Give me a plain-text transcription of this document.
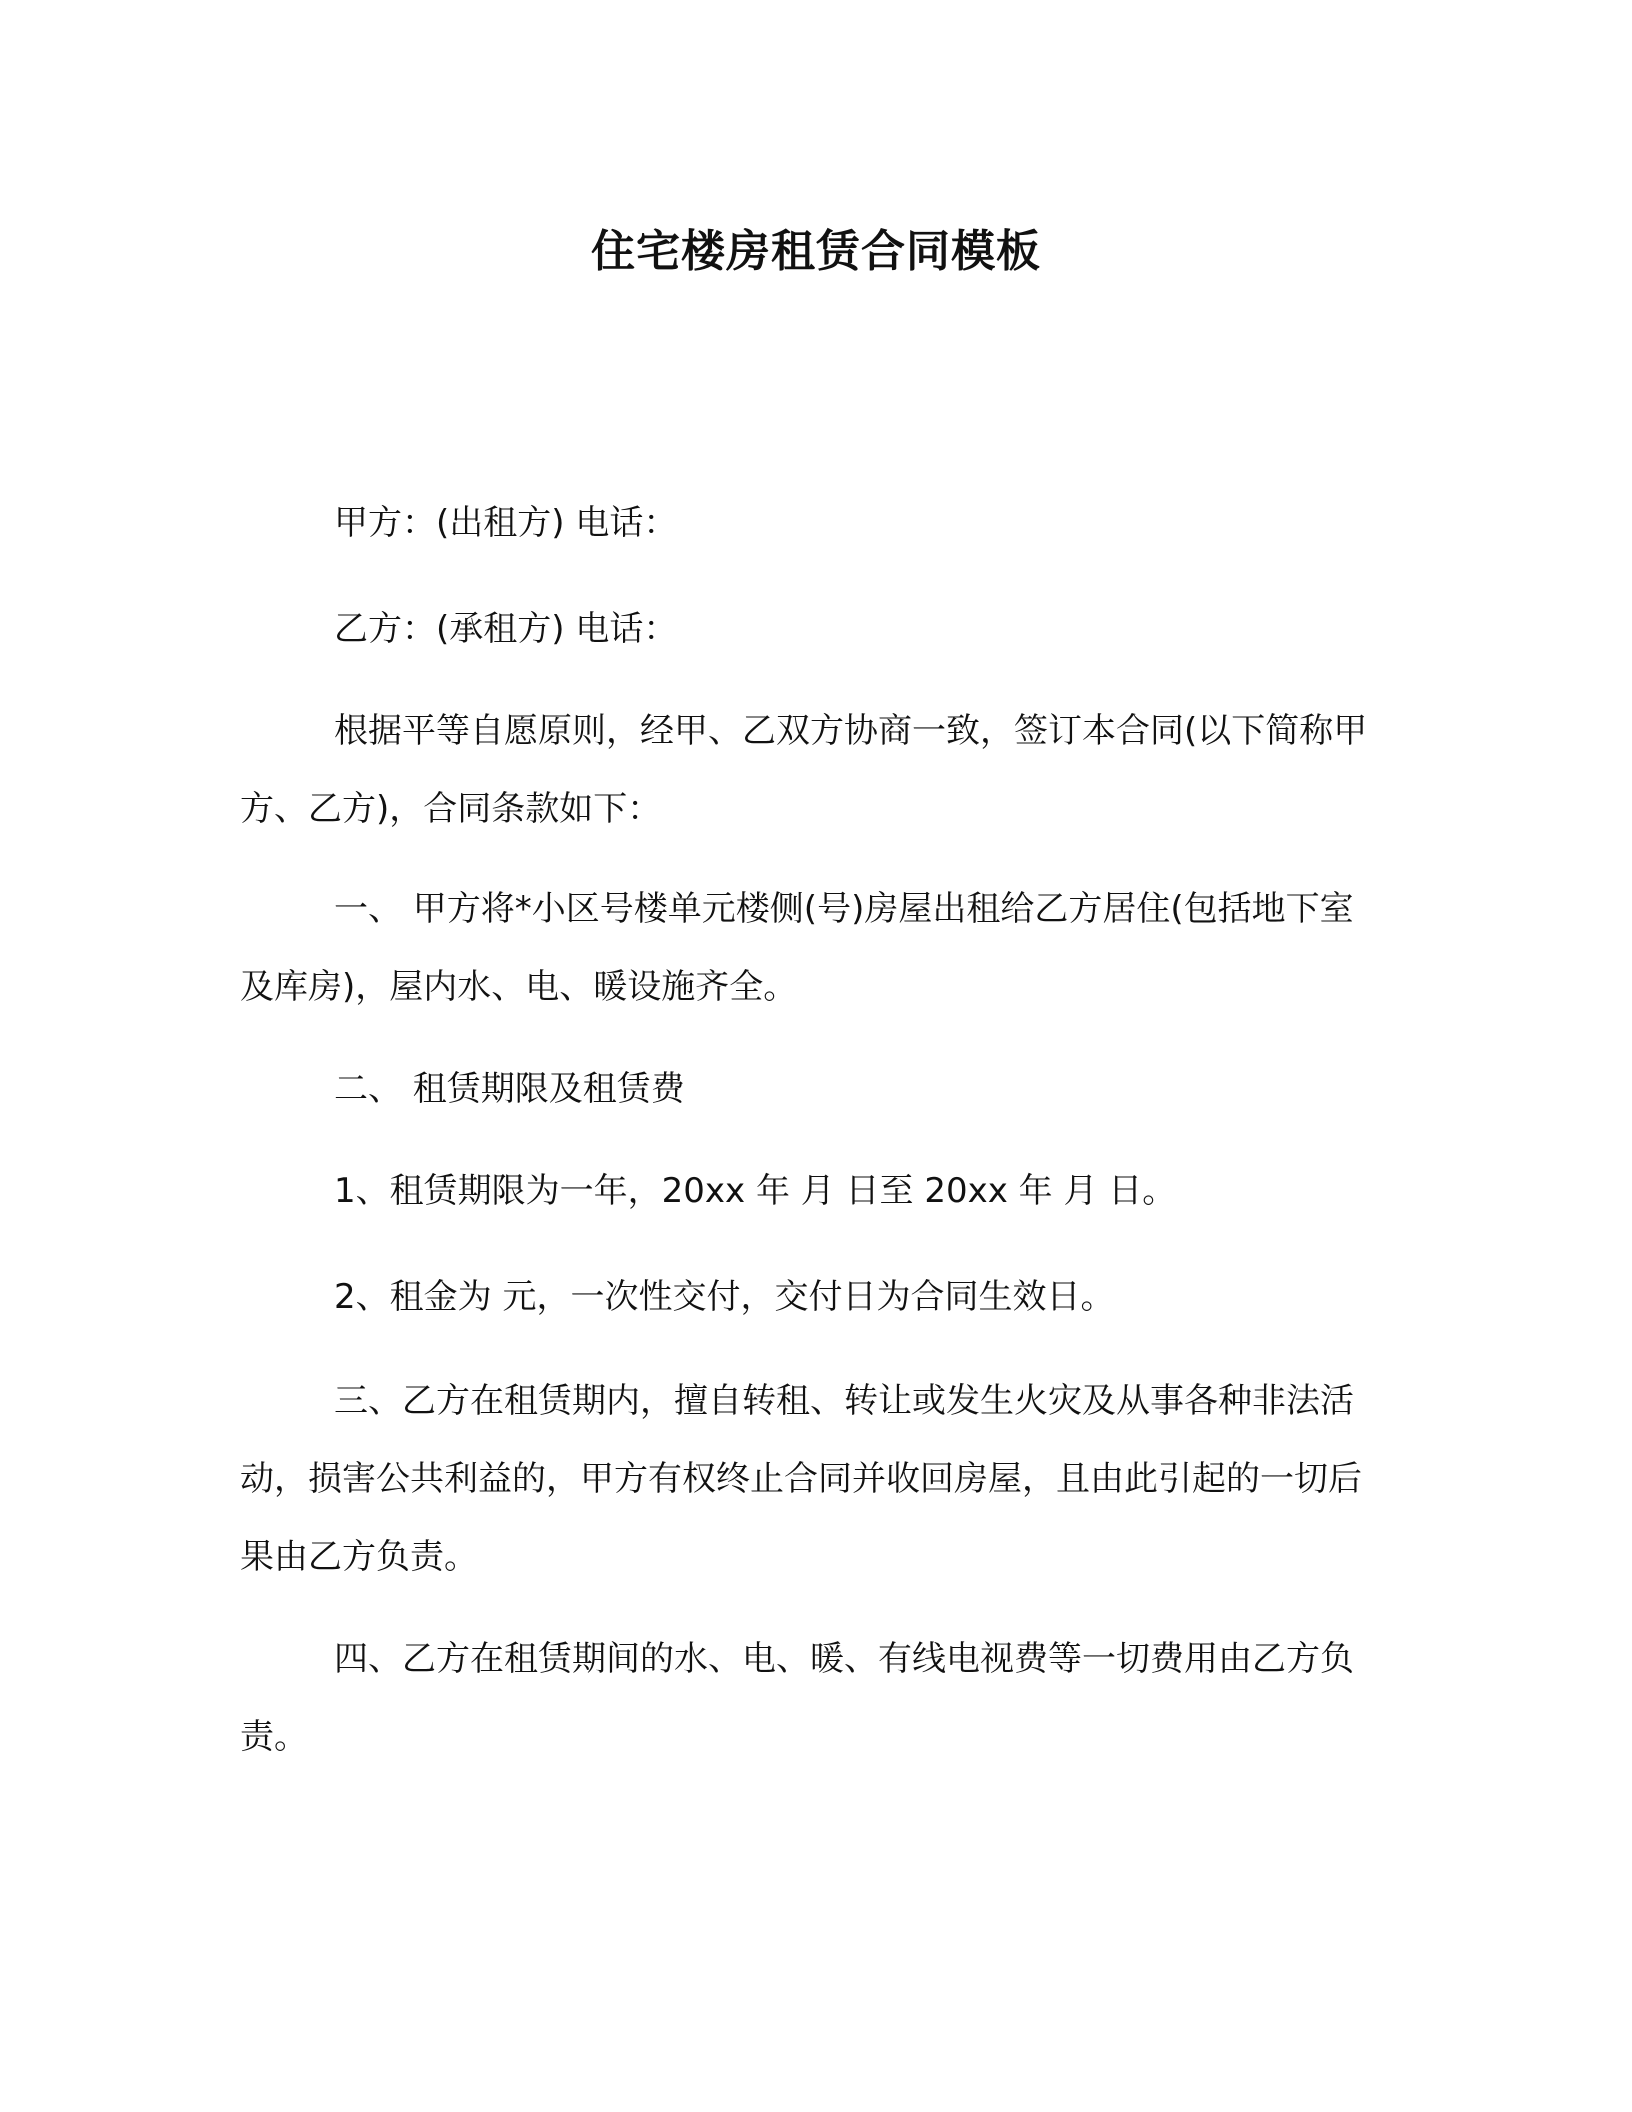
住宅楼房租赁合同模板

甲方：(出租方) 电话：

乙方：(承租方) 电话：

根据平等自愿原则，经甲、乙双方协商一致，签订本合同(以下简称甲方、乙方)，合同条款如下：

一、 甲方将*小区号楼单元楼侧(号)房屋出租给乙方居住(包括地下室及库房)，屋内水、电、暖设施齐全。

二、 租赁期限及租赁费

1、租赁期限为一年，20xx 年 月 日至 20xx 年 月 日。

2、租金为 元，一次性交付，交付日为合同生效日。

三、乙方在租赁期内，擅自转租、转让或发生火灾及从事各种非法活动，损害公共利益的，甲方有权终止合同并收回房屋，且由此引起的一切后果由乙方负责。

四、乙方在租赁期间的水、电、暖、有线电视费等一切费用由乙方负责。
